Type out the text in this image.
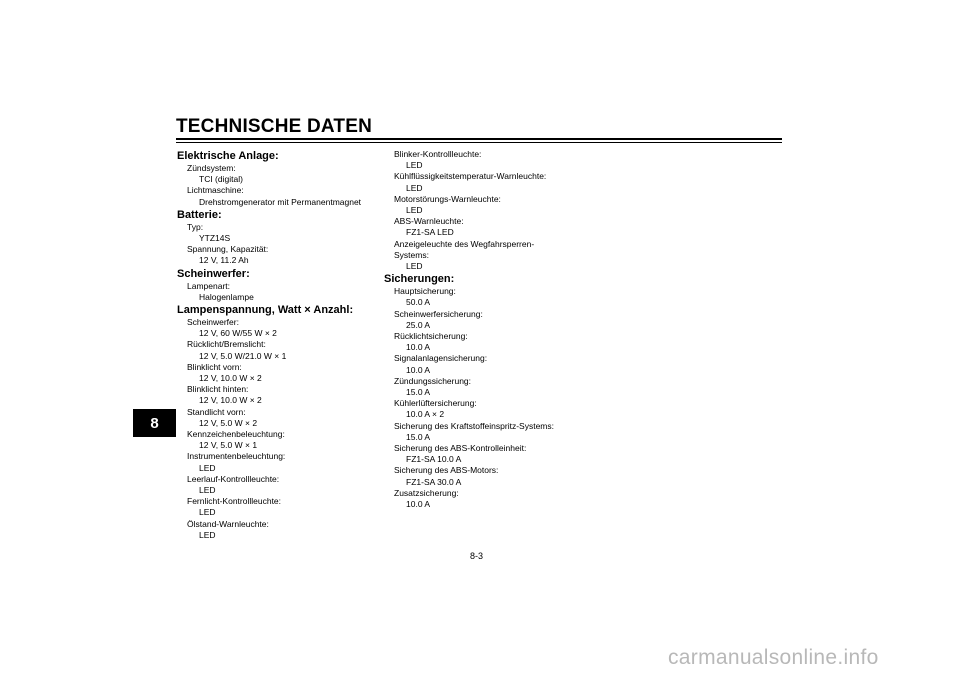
TECHNISCHE DATEN
8
Elektrische Anlage:
Zündsystem:
TCI (digital)
Lichtmaschine:
Drehstromgenerator mit Permanentmagnet
Batterie:
Typ:
YTZ14S
Spannung, Kapazität:
12 V, 11.2 Ah
Scheinwerfer:
Lampenart:
Halogenlampe
Lampenspannung, Watt × Anzahl:
Scheinwerfer:
12 V, 60 W/55 W × 2
Rücklicht/Bremslicht:
12 V, 5.0 W/21.0 W × 1
Blinklicht vorn:
12 V, 10.0 W × 2
Blinklicht hinten:
12 V, 10.0 W × 2
Standlicht vorn:
12 V, 5.0 W × 2
Kennzeichenbeleuchtung:
12 V, 5.0 W × 1
Instrumentenbeleuchtung:
LED
Leerlauf-Kontrollleuchte:
LED
Fernlicht-Kontrollleuchte:
LED
Ölstand-Warnleuchte:
LED
Blinker-Kontrollleuchte:
LED
Kühlflüssigkeitstemperatur-Warnleuchte:
LED
Motorstörungs-Warnleuchte:
LED
ABS-Warnleuchte:
FZ1-SA LED
Anzeigeleuchte des Wegfahrsperren-
Systems:
LED
Sicherungen:
Hauptsicherung:
50.0 A
Scheinwerfersicherung:
25.0 A
Rücklichtsicherung:
10.0 A
Signalanlagensicherung:
10.0 A
Zündungssicherung:
15.0 A
Kühlerlüftersicherung:
10.0 A × 2
Sicherung des Kraftstoffeinspritz-Systems:
15.0 A
Sicherung des ABS-Kontrolleinheit:
FZ1-SA 10.0 A
Sicherung des ABS-Motors:
FZ1-SA 30.0 A
Zusatzsicherung:
10.0 A
8-3
carmanualsonline.info
